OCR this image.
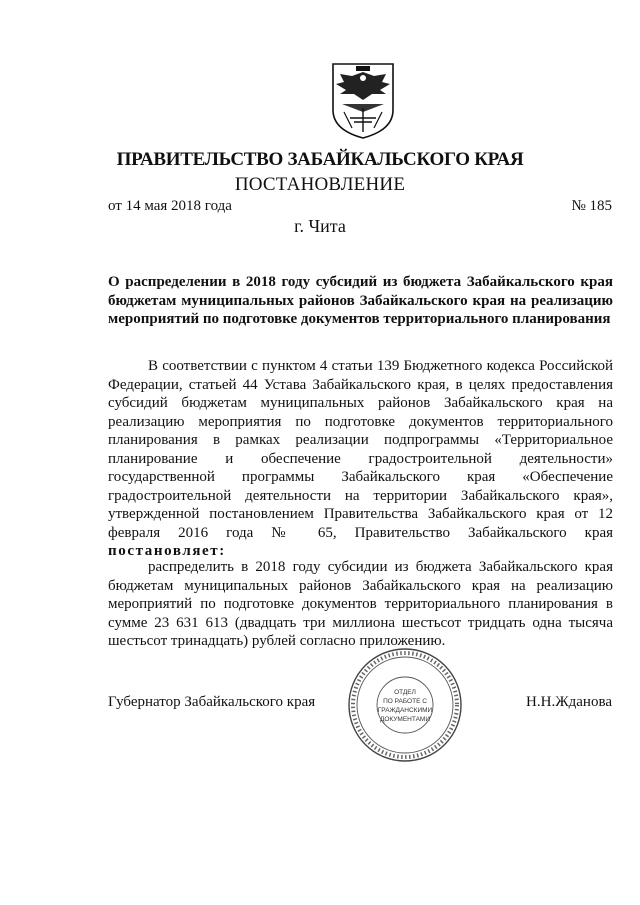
ПРАВИТЕЛЬСТВО ЗАБАЙКАЛЬСКОГО КРАЯ
ПОСТАНОВЛЕНИЕ
от 14 мая 2018 года	№ 185
г. Чита
О распределении в 2018 году субсидий из бюджета Забайкальского края бюджетам муниципальных районов Забайкальского края на реализацию мероприятий по подготовке документов территориального планирования

В соответствии с пунктом 4 статьи 139 Бюджетного кодекса Российской Федерации, статьей 44 Устава Забайкальского края, в целях предоставления субсидий бюджетам муниципальных районов Забайкальского края на реализацию мероприятия по подготовке документов территориального планирования в рамках реализации подпрограммы «Территориальное планирование и обеспечение градостроительной деятельности» государственной программы Забайкальского края «Обеспечение градостроительной деятельности на территории Забайкальского края», утвержденной постановлением Правительства Забайкальского края от 12 февраля 2016 года № 65, Правительство Забайкальского края постановляет:

распределить в 2018 году субсидии из бюджета Забайкальского края бюджетам муниципальных районов Забайкальского края на реализацию мероприятий по подготовке документов территориального планирования в сумме 23 631 613 (двадцать три миллиона шестьсот тридцать одна тысяча шестьсот тринадцать) рублей согласно приложению.

Губернатор Забайкальского края
ОТДЕЛ
ПО РАБОТЕ С
ГРАЖДАНСКИМИ
ДОКУМЕНТАМИ
Н.Н.Жданова
